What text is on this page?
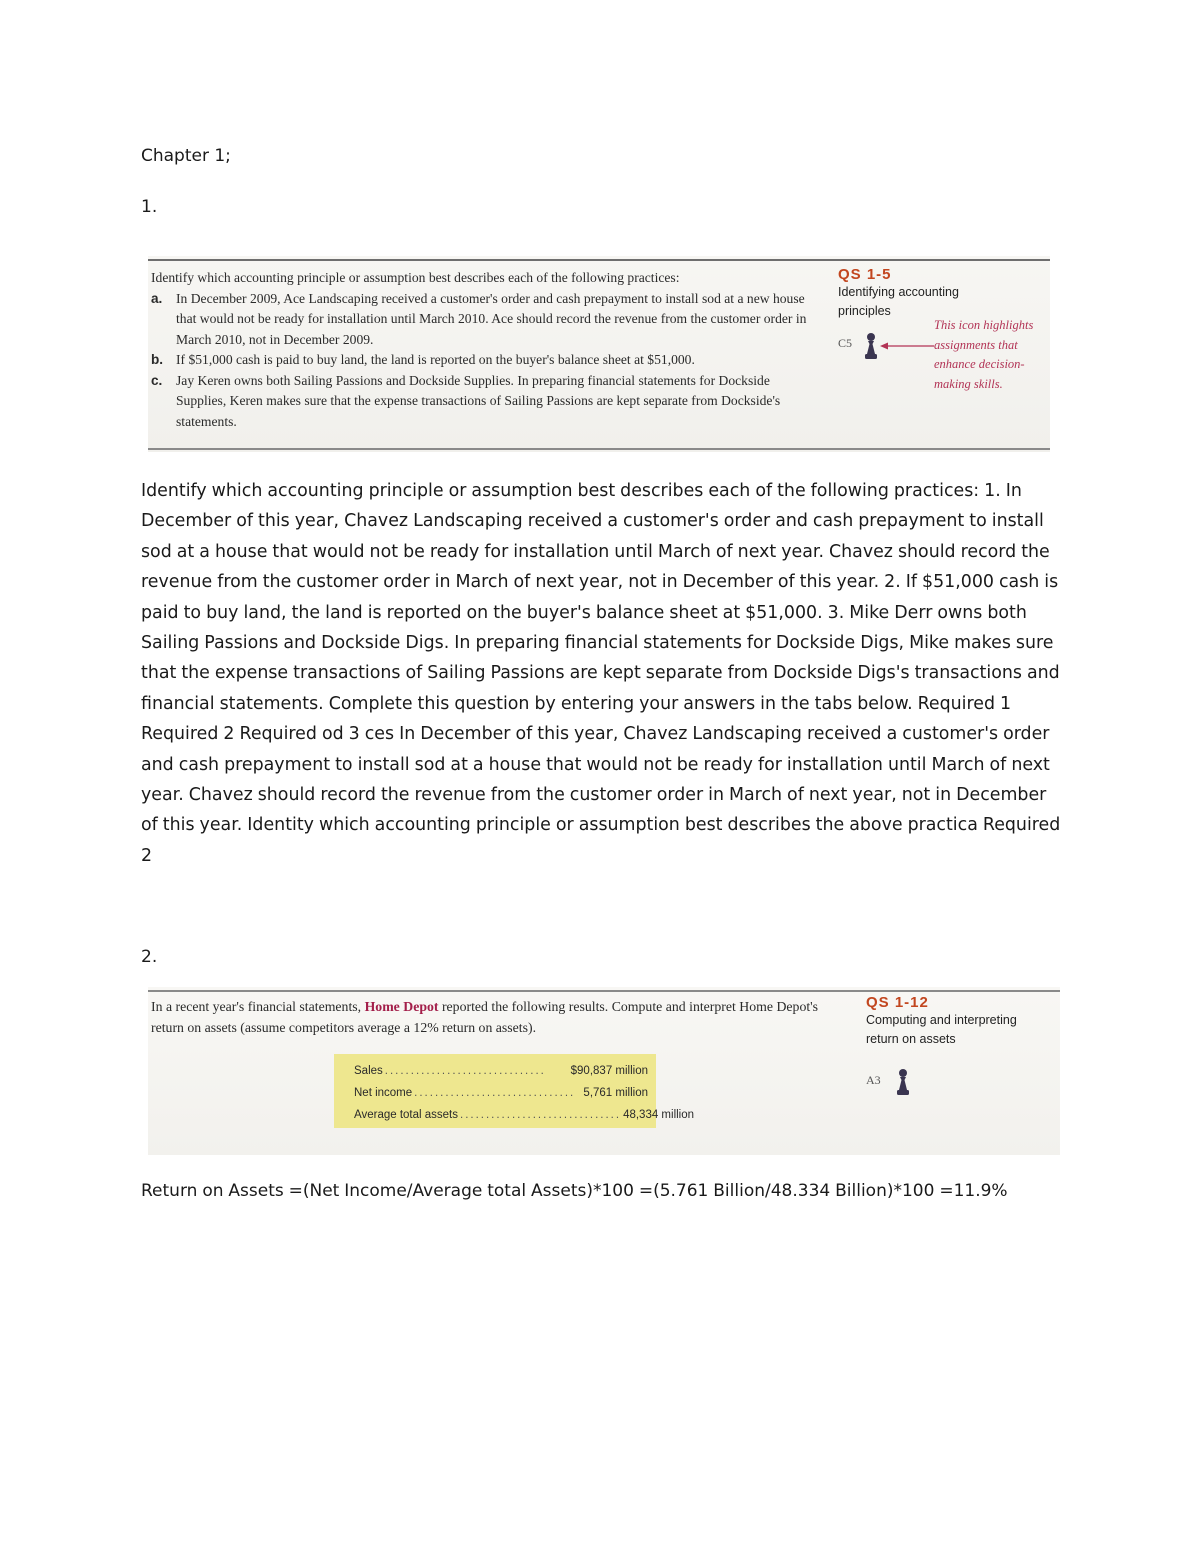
Chapter 1;
1.

Identify which accounting principle or assumption best describes each of the following practices:
a.	In December 2009, Ace Landscaping received a customer's order and cash prepayment to install sod at a new house that would not be ready for installation until March 2010. Ace should record the revenue from the customer order in March 2010, not in December 2009.
b. If $51,000 cash is paid to buy land, the land is reported on the buyer's balance sheet at $51,000.
c.	Jay Keren owns both Sailing Passions and Dockside Supplies. In preparing financial statements for Dockside Supplies, Keren makes sure that the expense transactions of Sailing Passions are kept separate from Dockside's statements.
QS 1-5
Identifying accounting principles
C5
This icon highlights assignments that enhance decision-making skills.
Identify which accounting principle or assumption best describes each of the following practices: 1. In December of this year, Chavez Landscaping received a customer's order and cash prepayment to install sod at a house that would not be ready for installation until March of next year. Chavez should record the revenue from the customer order in March of next year, not in December of this year. 2. If $51,000 cash is paid to buy land, the land is reported on the buyer's balance sheet at $51,000. 3. Mike Derr owns both Sailing Passions and Dockside Digs. In preparing financial statements for Dockside Digs, Mike makes sure that the expense transactions of Sailing Passions are kept separate from Dockside Digs's transactions and financial statements. Complete this question by entering your answers in the tabs below. Required 1 Required 2 Required od 3 ces In December of this year, Chavez Landscaping received a customer's order and cash prepayment to install sod at a house that would not be ready for installation until March of next year. Chavez should record the revenue from the customer order in March of next year, not in December of this year. Identity which accounting principle or assumption best describes the above practica Required 2
2.
In a recent year's financial statements, Home Depot reported the following results. Compute and interpret Home Depot's return on assets (assume competitors average a 12% return on assets).
Sales ...............................	$90,837 million
Net income ............................... 5,761 million
Average total assets ............................... 48,334 million
QS 1-12
Computing and interpreting return on assets
A3
Return on Assets =(Net Income/Average total Assets)*100 =(5.761 Billion/48.334 Billion)*100 =11.9%
